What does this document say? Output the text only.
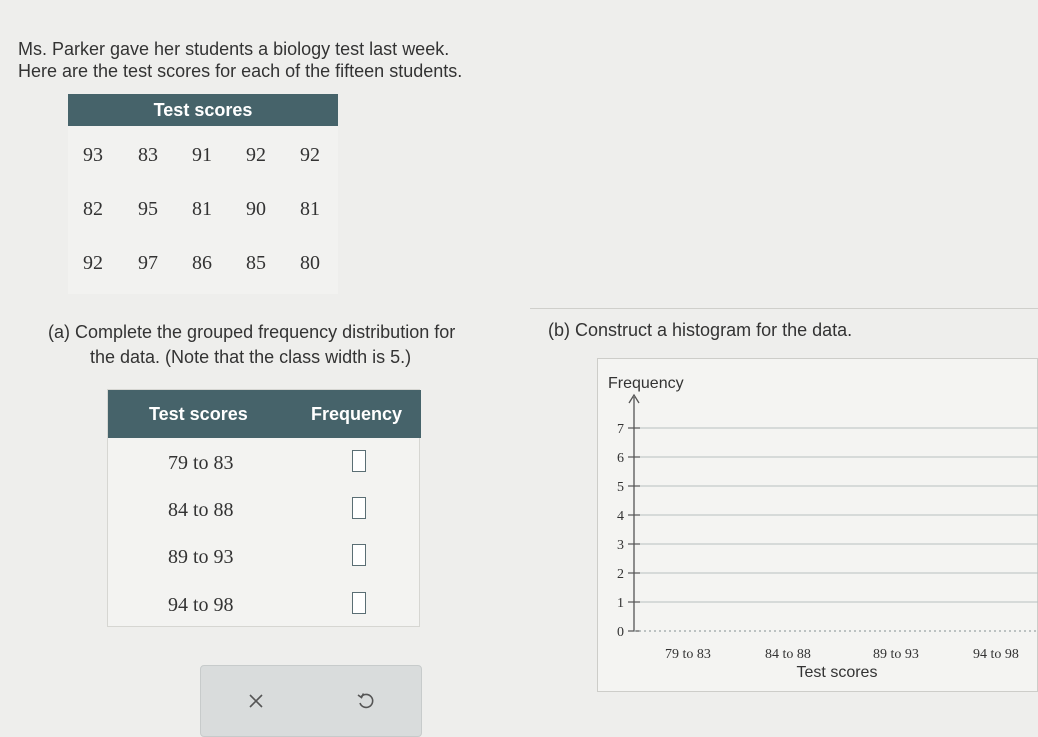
Ms. Parker gave her students a biology test last week.
Here are the test scores for each of the fifteen students.
Test scores
93	83	91	92	92
82	95	81	90	81
92	97	86	85	80
(a) Complete the grouped frequency distribution for
the data. (Note that the class width is 5.)
Test scores	Frequency
79 to 83
84 to 88
89 to 93
94 to 98
(b) Construct a histogram for the data.
Frequency
0
1
2
3
4
5
6
7
79 to 83	84 to 88	89 to 93	94 to 98
Test scores
